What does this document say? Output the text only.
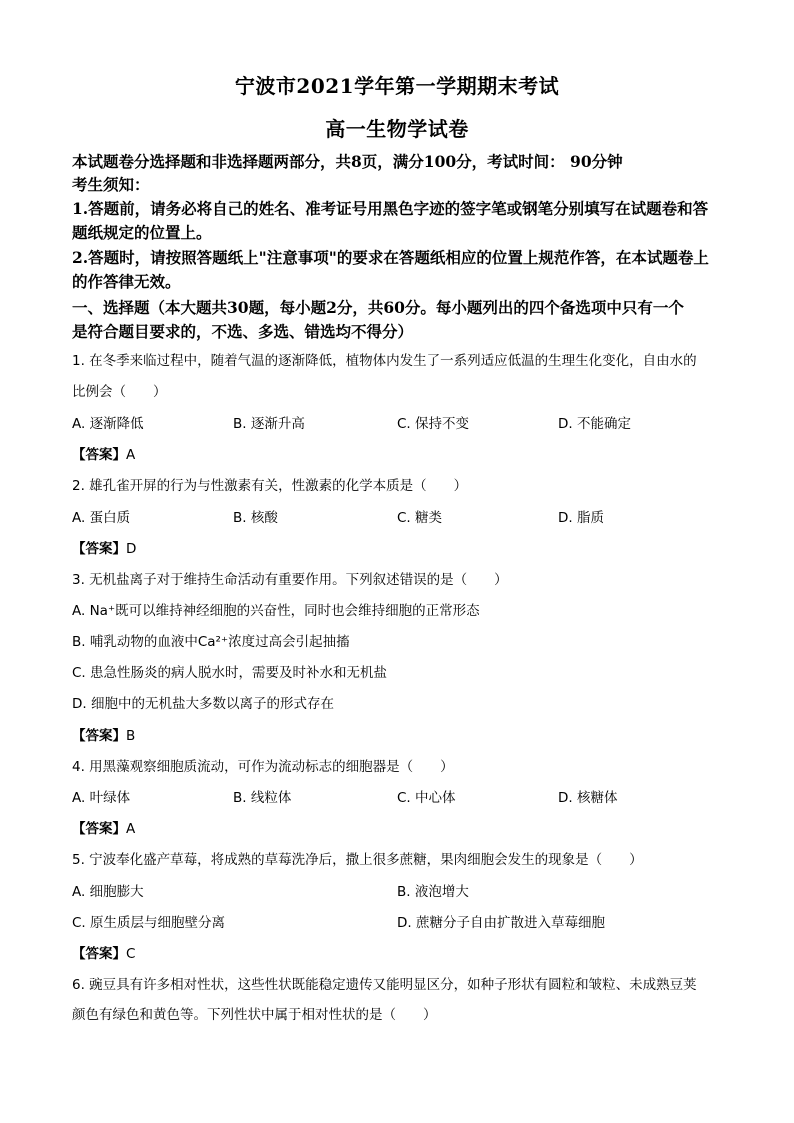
宁波市2021学年第一学期期末考试
高一生物学试卷
本试题卷分选择题和非选择题两部分，共8页，满分100分，考试时间： 90分钟
考生须知：
1.答题前，请务必将自己的姓名、准考证号用黑色字迹的签字笔或钢笔分别填写在试题卷和答
题纸规定的位置上。
2.答题时，请按照答题纸上"注意事项"的要求在答题纸相应的位置上规范作答，在本试题卷上
的作答律无效。
一、选择题（本大题共30题，每小题2分，共60分。每小题列出的四个备选项中只有一个
是符合题目要求的，不选、多选、错选均不得分）
1. 在冬季来临过程中，随着气温的逐渐降低，植物体内发生了一系列适应低温的生理生化变化，自由水的
比例会（　　）
A. 逐渐降低	B. 逐渐升高	C. 保持不变	D. 不能确定
【答案】A
2. 雄孔雀开屏的行为与性激素有关，性激素的化学本质是（　　）
A. 蛋白质	B. 核酸	C. 糖类	D. 脂质
【答案】D
3. 无机盐离子对于维持生命活动有重要作用。下列叙述错误的是（　　）
A. Na⁺既可以维持神经细胞的兴奋性，同时也会维持细胞的正常形态
B. 哺乳动物的血液中Ca²⁺浓度过高会引起抽搐
C. 患急性肠炎的病人脱水时，需要及时补水和无机盐
D. 细胞中的无机盐大多数以离子的形式存在
【答案】B
4. 用黑藻观察细胞质流动，可作为流动标志的细胞器是（　　）
A. 叶绿体	B. 线粒体	C. 中心体	D. 核糖体
【答案】A
5. 宁波奉化盛产草莓，将成熟的草莓洗净后，撒上很多蔗糖，果肉细胞会发生的现象是（　　）
A. 细胞膨大	B. 液泡增大
C. 原生质层与细胞壁分离	D. 蔗糖分子自由扩散进入草莓细胞
【答案】C
6. 豌豆具有许多相对性状，这些性状既能稳定遗传又能明显区分，如种子形状有圆粒和皱粒、未成熟豆荚
颜色有绿色和黄色等。下列性状中属于相对性状的是（　　）
